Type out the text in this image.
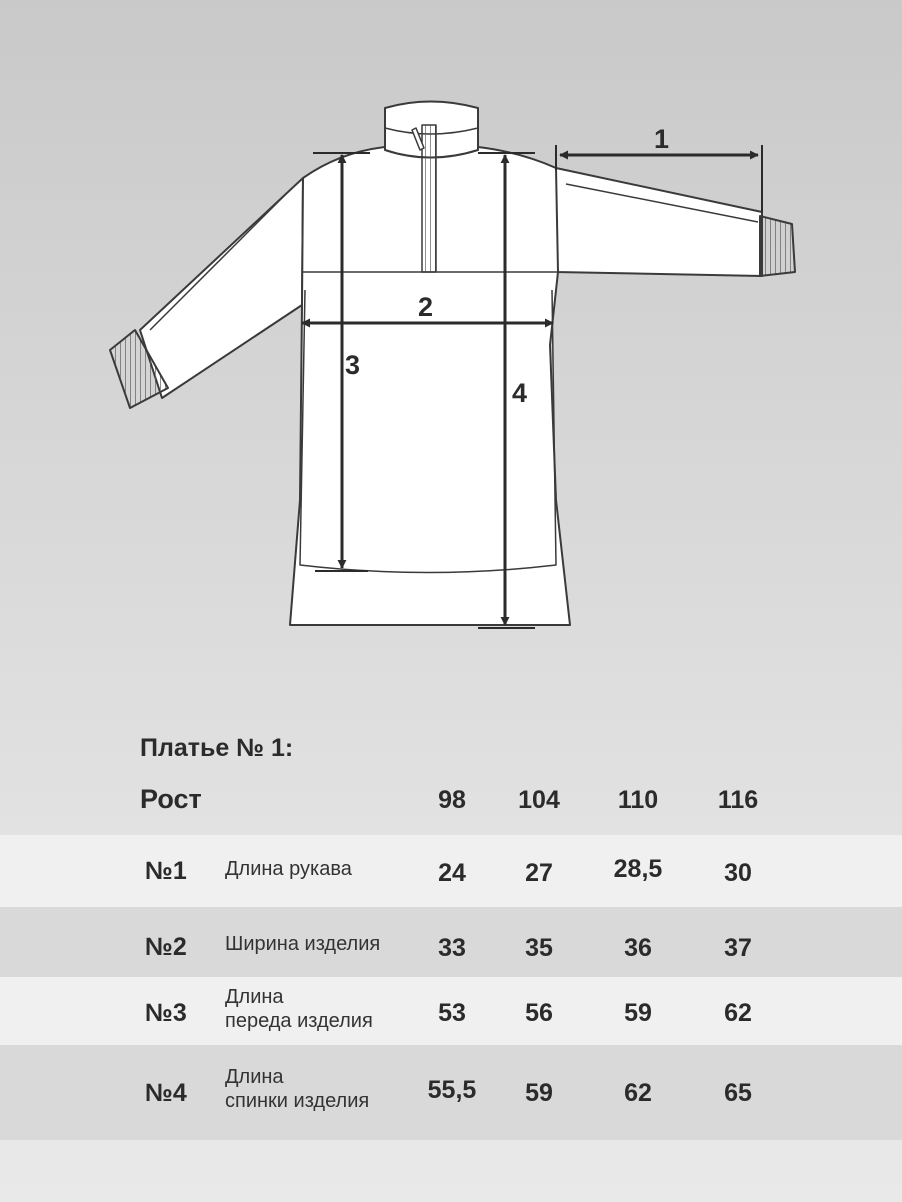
1
2
3
4
Платье № 1:
Рост	98	104	110	116
№1 Длина рукава	24	27	28,5	30
№2 Ширина изделия	33	35	36	37
№3
Длина
переда изделия	53	56	59	62
№4
Длина
спинки изделия	55,5	59	62	65
